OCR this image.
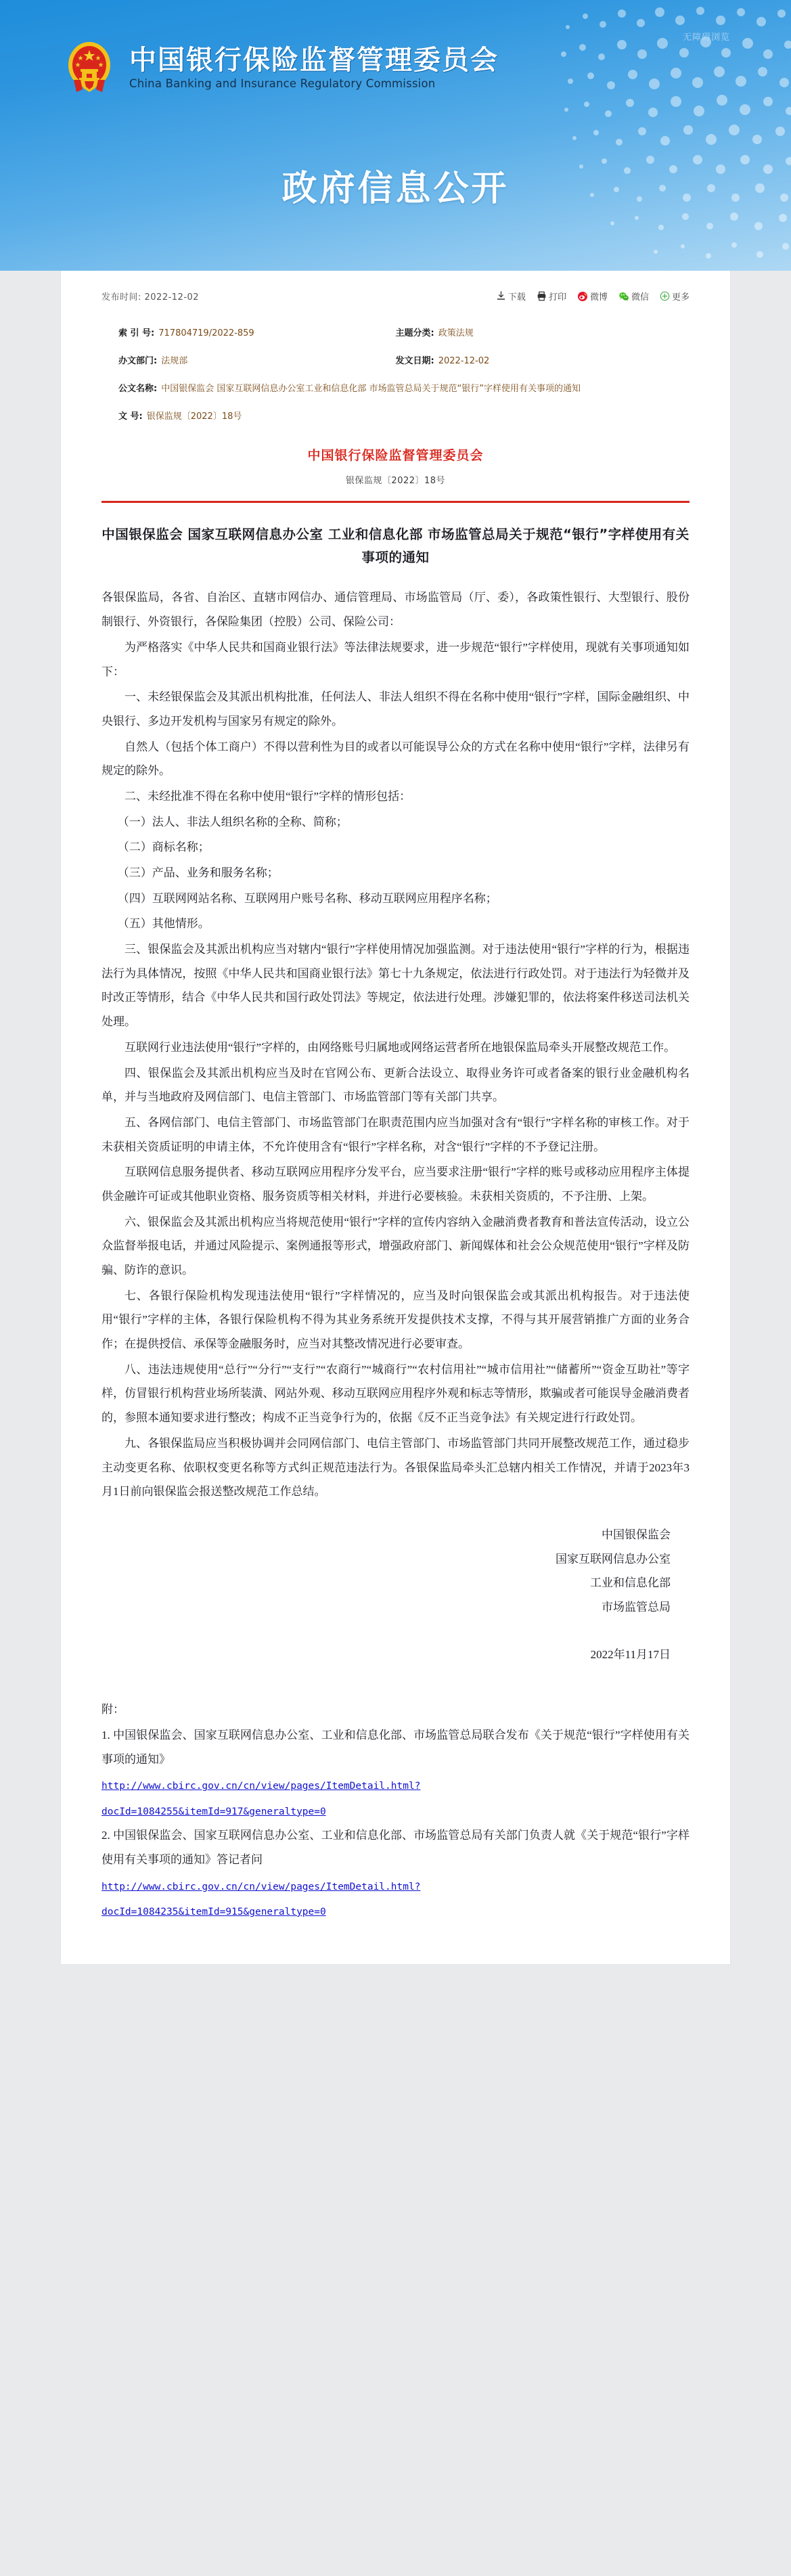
无障碍浏览
中国银行保险监督管理委员会
China Banking and Insurance Regulatory Commission
政府信息公开
发布时间: 2022-12-02	下载	打印	微博	微信	更多
索 引 号: 717804719/2022-859	主题分类: 政策法规
办文部门: 法规部	发文日期: 2022-12-02
公文名称: 中国银保监会 国家互联网信息办公室工业和信息化部 市场监管总局关于规范“银行”字样使用有关事项的通知
文 号: 银保监规〔2022〕18号
中国银行保险监督管理委员会
银保监规〔2022〕18号
中国银保监会 国家互联网信息办公室 工业和信息化部 市场监管总局关于规范“银行”字样使用有关事项的通知
各银保监局，各省、自治区、直辖市网信办、通信管理局、市场监管局（厅、委），各政策性银行、大型银行、股份制银行、外资银行，各保险集团（控股）公司、保险公司：
为严格落实《中华人民共和国商业银行法》等法律法规要求，进一步规范“银行”字样使用，现就有关事项通知如下：
一、未经银保监会及其派出机构批准，任何法人、非法人组织不得在名称中使用“银行”字样，国际金融组织、中央银行、多边开发机构与国家另有规定的除外。
自然人（包括个体工商户）不得以营利性为目的或者以可能误导公众的方式在名称中使用“银行”字样，法律另有规定的除外。
二、未经批准不得在名称中使用“银行”字样的情形包括：
（一）法人、非法人组织名称的全称、简称；
（二）商标名称；
（三）产品、业务和服务名称；
（四）互联网网站名称、互联网用户账号名称、移动互联网应用程序名称；
（五）其他情形。
三、银保监会及其派出机构应当对辖内“银行”字样使用情况加强监测。对于违法使用“银行”字样的行为，根据违法行为具体情况，按照《中华人民共和国商业银行法》第七十九条规定，依法进行行政处罚。对于违法行为轻微并及时改正等情形，结合《中华人民共和国行政处罚法》等规定，依法进行处理。涉嫌犯罪的，依法将案件移送司法机关处理。
互联网行业违法使用“银行”字样的，由网络账号归属地或网络运营者所在地银保监局牵头开展整改规范工作。
四、银保监会及其派出机构应当及时在官网公布、更新合法设立、取得业务许可或者备案的银行业金融机构名单，并与当地政府及网信部门、电信主管部门、市场监管部门等有关部门共享。
五、各网信部门、电信主管部门、市场监管部门在职责范围内应当加强对含有“银行”字样名称的审核工作。对于未获相关资质证明的申请主体，不允许使用含有“银行”字样名称，对含“银行”字样的不予登记注册。
互联网信息服务提供者、移动互联网应用程序分发平台，应当要求注册“银行”字样的账号或移动应用程序主体提供金融许可证或其他职业资格、服务资质等相关材料，并进行必要核验。未获相关资质的，不予注册、上架。
六、银保监会及其派出机构应当将规范使用“银行”字样的宣传内容纳入金融消费者教育和普法宣传活动，设立公众监督举报电话，并通过风险提示、案例通报等形式，增强政府部门、新闻媒体和社会公众规范使用“银行”字样及防骗、防诈的意识。
七、各银行保险机构发现违法使用“银行”字样情况的，应当及时向银保监会或其派出机构报告。对于违法使用“银行”字样的主体，各银行保险机构不得为其业务系统开发提供技术支撑，不得与其开展营销推广方面的业务合作；在提供授信、承保等金融服务时，应当对其整改情况进行必要审查。
八、违法违规使用“总行”“分行”“支行”“农商行”“城商行”“农村信用社”“城市信用社”“储蓄所”“资金互助社”等字样，仿冒银行机构营业场所装潢、网站外观、移动互联网应用程序外观和标志等情形，欺骗或者可能误导金融消费者的，参照本通知要求进行整改；构成不正当竞争行为的，依据《反不正当竞争法》有关规定进行行政处罚。
九、各银保监局应当积极协调并会同网信部门、电信主管部门、市场监管部门共同开展整改规范工作，通过稳步主动变更名称、依职权变更名称等方式纠正规范违法行为。各银保监局牵头汇总辖内相关工作情况，并请于2023年3月1日前向银保监会报送整改规范工作总结。
中国银保监会
国家互联网信息办公室
工业和信息化部
市场监管总局
2022年11月17日
附：
1. 中国银保监会、国家互联网信息办公室、工业和信息化部、市场监管总局联合发布《关于规范“银行”字样使用有关事项的通知》
http://www.cbirc.gov.cn/cn/view/pages/ItemDetail.html?
docId=1084255&itemId=917&generaltype=0
2. 中国银保监会、国家互联网信息办公室、工业和信息化部、市场监管总局有关部门负责人就《关于规范“银行”字样使用有关事项的通知》答记者问
http://www.cbirc.gov.cn/cn/view/pages/ItemDetail.html?
docId=1084235&itemId=915&generaltype=0
